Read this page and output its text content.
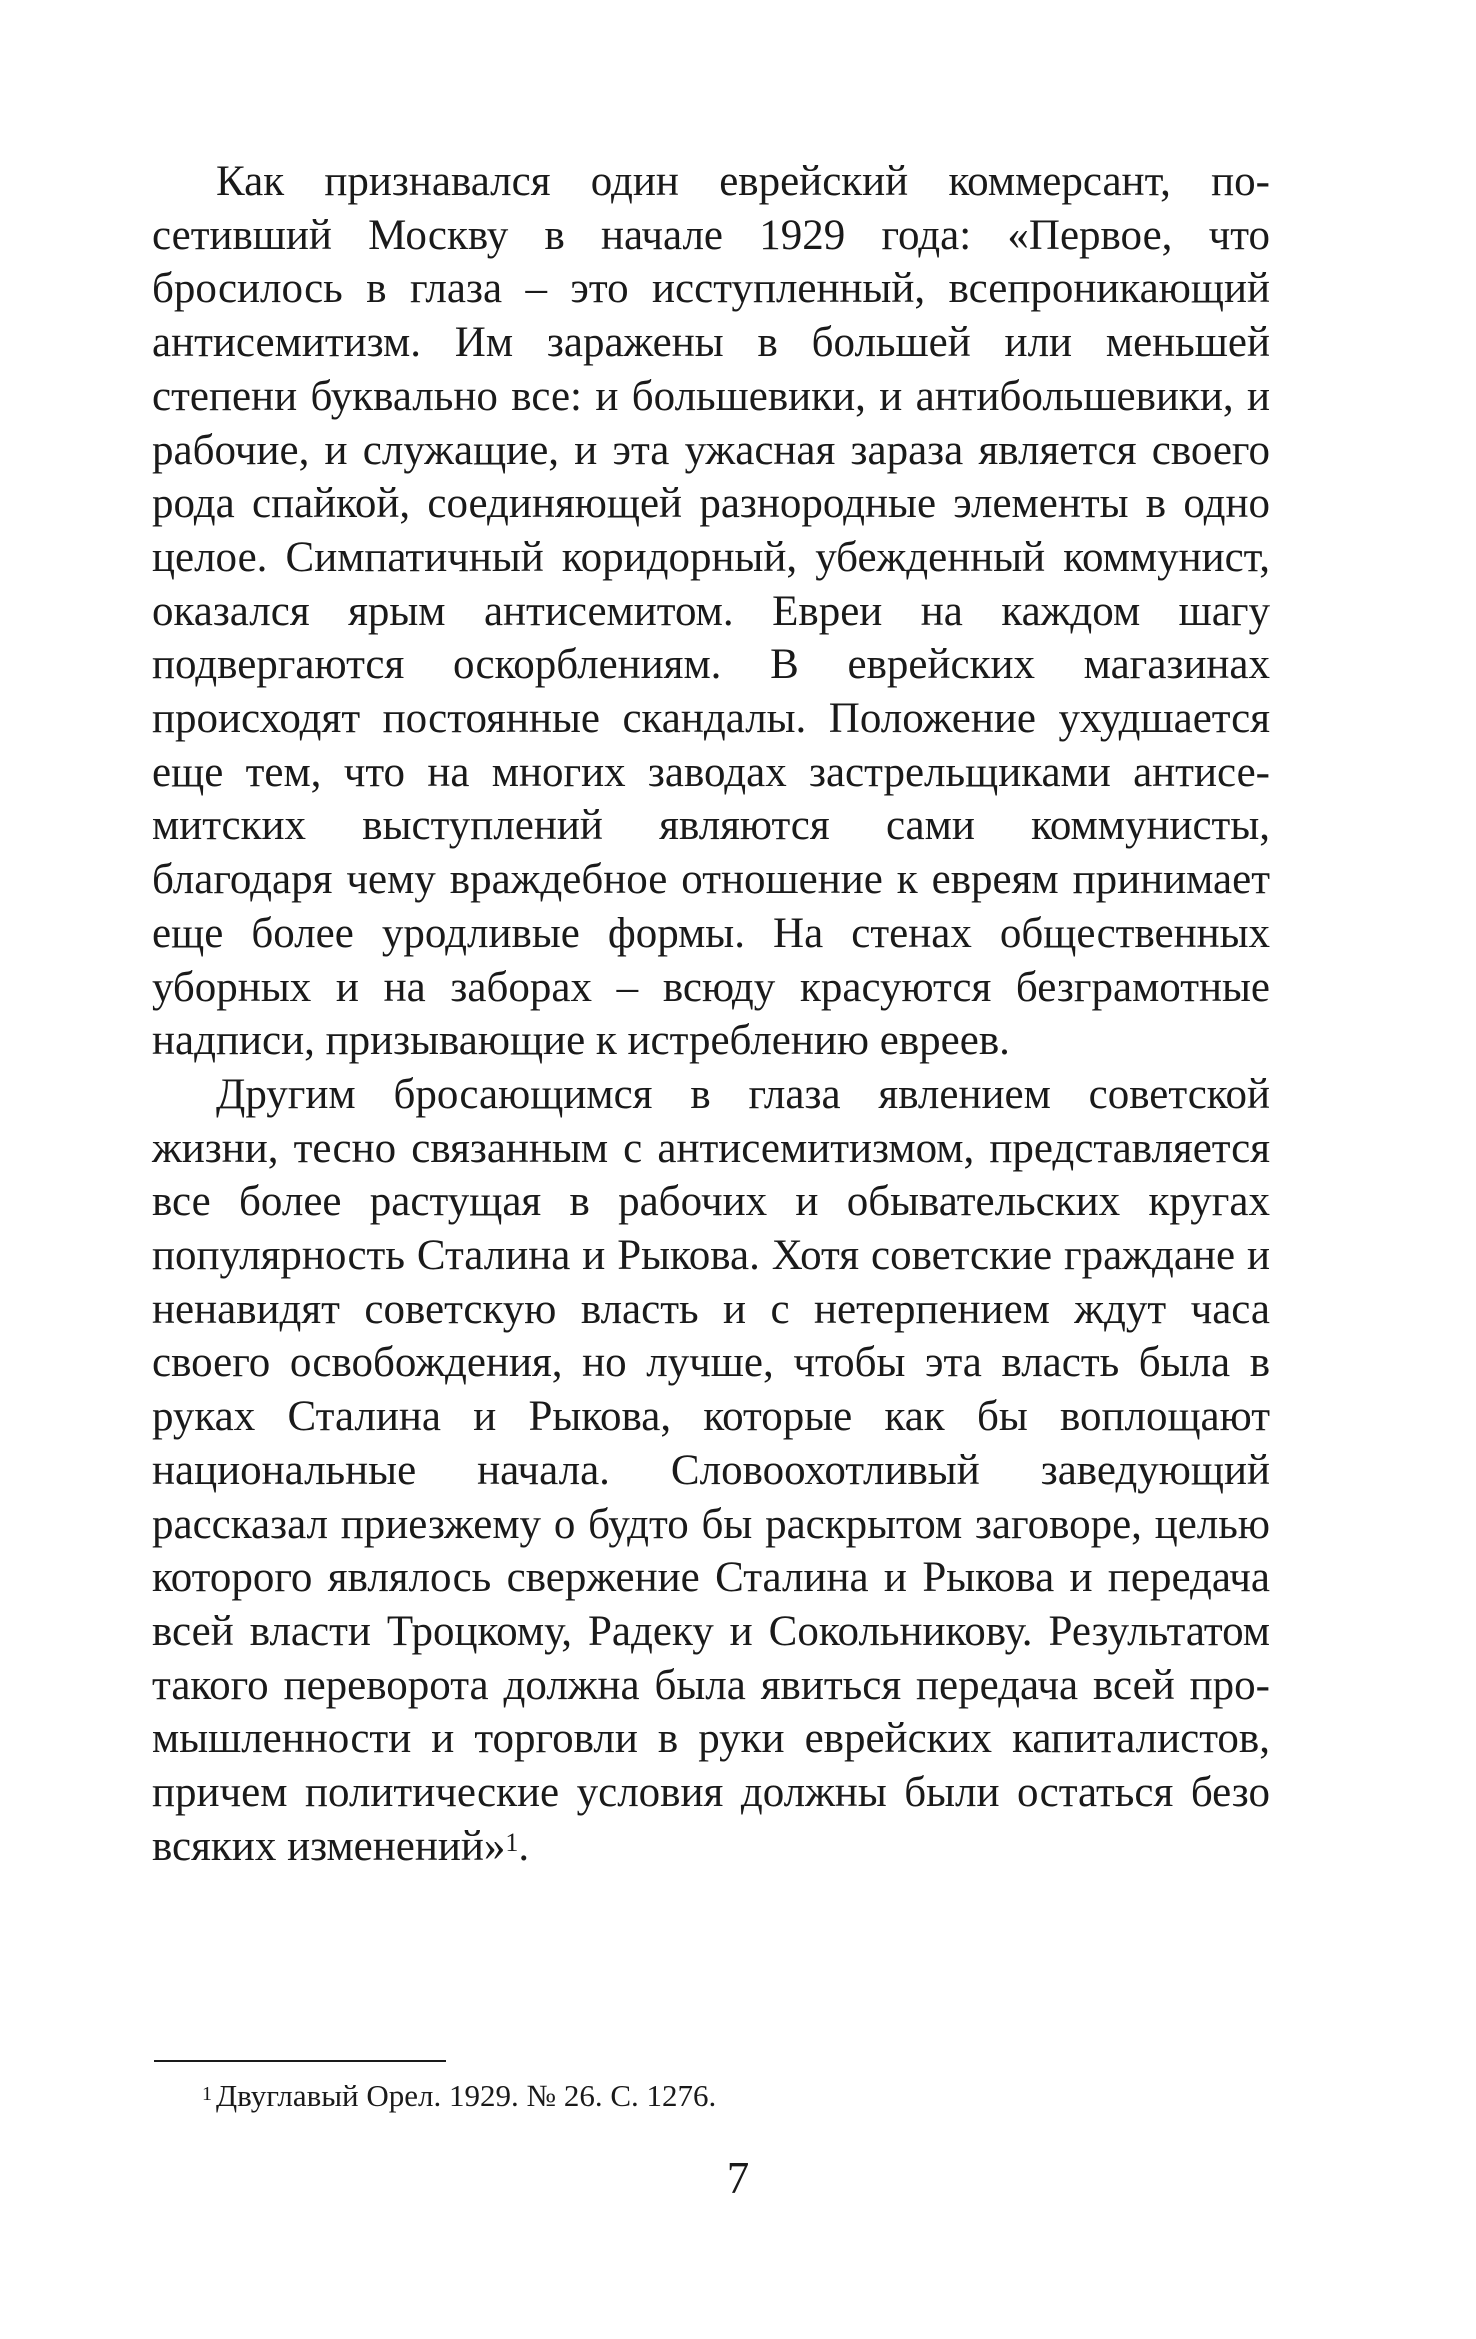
Как признавался один еврейский коммерсант, посетивший Москву в начале 1929 года: «Первое, что бросилось в глаза – это исступленный, всепроникающий антисемитизм. Им заражены в большей или меньшей степени буквально все: и большевики, и антибольшевики, и рабочие, и служащие, и эта ужасная зараза является своего рода спайкой, соединяющей разнородные элементы в одно целое. Симпатичный коридорный, убежденный коммунист, оказался ярым антисемитом. Евреи на каждом шагу подвергаются оскорблениям. В еврейских магазинах происходят постоянные скандалы. Положение ухудшается еще тем, что на многих заводах застрельщиками антисемитских выступлений являются сами коммунисты, благодаря чему враждебное отношение к евреям принимает еще более уродливые формы. На стенах общественных уборных и на заборах – всюду красуются безграмотные надписи, призывающие к истреблению евреев.

Другим бросающимся в глаза явлением советской жизни, тесно связанным с антисемитизмом, представляется все более растущая в рабочих и обывательских кругах популярность Сталина и Рыкова. Хотя советские граждане и ненавидят советскую власть и с нетерпением ждут часа своего освобождения, но лучше, чтобы эта власть была в руках Сталина и Рыкова, которые как бы воплощают национальные начала. Словоохотливый заведующий рассказал приезжему о будто бы раскрытом заговоре, целью которого являлось свержение Сталина и Рыкова и передача всей власти Троцкому, Радеку и Сокольникову. Результатом такого переворота должна была явиться передача всей промышленности и торговли в руки еврейских капиталистов, причем политические условия должны были остаться безо всяких изменений»$^1$.

$^1$ Двуглавый Орел. 1929. № 26. С. 1276.

7
